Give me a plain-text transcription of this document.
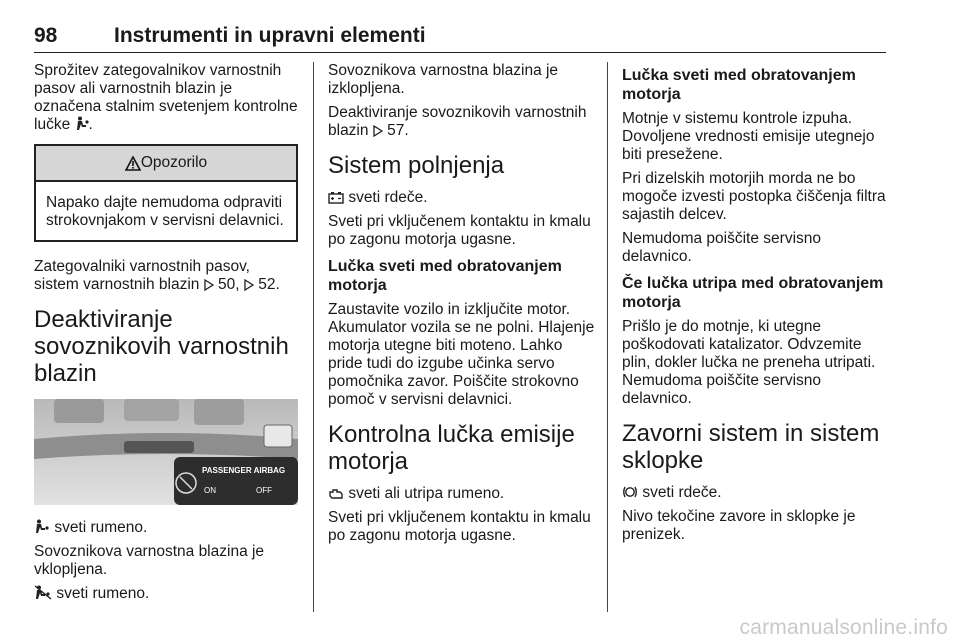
98	Instrumenti in upravni elementi

Sprožitev zategovalnikov varnostnih pasov ali varnostnih blazin je označena stalnim svetenjem kontrolne lučke .

Opozorilo
Napako dajte nemudoma odpraviti strokovnjakom v servisni delavnici.

Zategovalniki varnostnih pasov, sistem varnostnih blazin 50, 52.

Deaktiviranje sovoznikovih varnostnih blazin
PASSENGER AIRBAG
ON	OFF

sveti rumeno.

Sovoznikova varnostna blazina je vklopljena.

sveti rumeno.

Sovoznikova varnostna blazina je izklopljena.

Deaktiviranje sovoznikovih varnostnih blazin 57.

Sistem polnjenja

sveti rdeče.

Sveti pri vključenem kontaktu in kmalu po zagonu motorja ugasne.

Lučka sveti med obratovanjem motorja

Zaustavite vozilo in izključite motor. Akumulator vozila se ne polni. Hlajenje motorja utegne biti moteno. Lahko pride tudi do izgube učinka servo pomočnika zavor. Poiščite strokovno pomoč v servisni delavnici.

Kontrolna lučka emisije motorja

sveti ali utripa rumeno.

Sveti pri vključenem kontaktu in kmalu po zagonu motorja ugasne.

Lučka sveti med obratovanjem motorja

Motnje v sistemu kontrole izpuha. Dovoljene vrednosti emisije utegnejo biti presežene.

Pri dizelskih motorjih morda ne bo mogoče izvesti postopka čiščenja filtra sajastih delcev.

Nemudoma poiščite servisno delavnico.

Če lučka utripa med obratovanjem motorja

Prišlo je do motnje, ki utegne poškodovati katalizator. Odvzemite plin, dokler lučka ne preneha utripati. Nemudoma poiščite servisno delavnico.

Zavorni sistem in sistem sklopke

sveti rdeče.

Nivo tekočine zavore in sklopke je prenizek.

carmanualsonline.info
